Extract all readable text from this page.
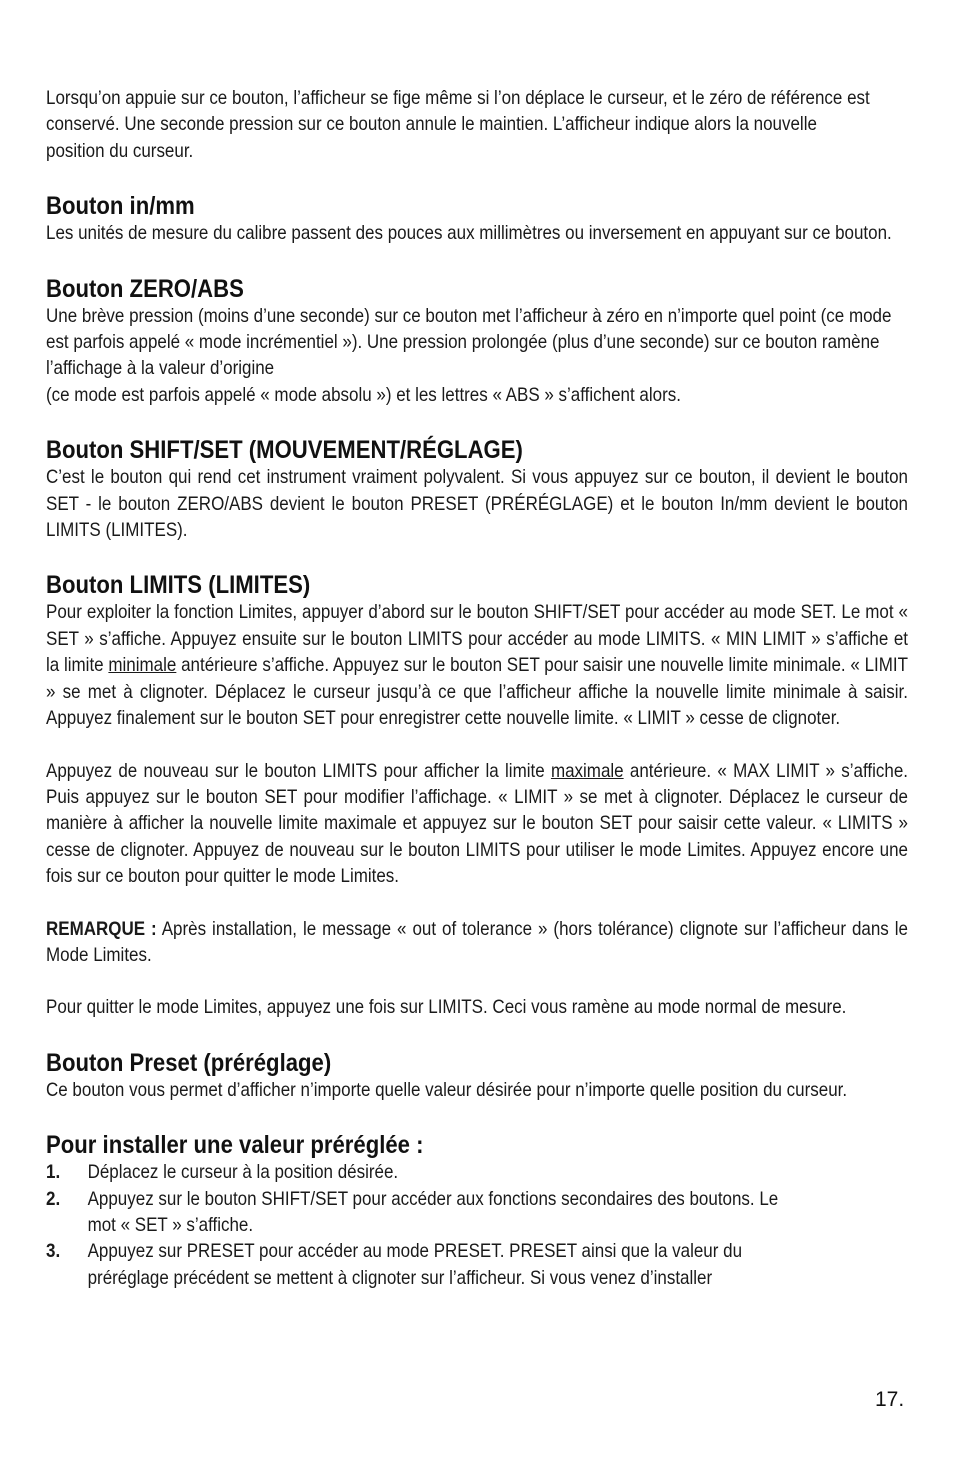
Lorsqu’on appuie sur ce bouton, l’afficheur se fige même si l’on déplace le curseur, et le zéro de référence est conservé. Une seconde pression sur ce bouton annule le maintien. L’afficheur indique alors la nouvelle position du curseur.

Bouton in/mm

Les unités de mesure du calibre passent des pouces aux millimètres ou inversement en appuyant sur ce bouton.

Bouton ZERO/ABS

Une brève pression (moins d’une seconde) sur ce bouton met l’afficheur à zéro en n’importe quel point (ce mode est parfois appelé « mode incrémentiel »). Une pression prolongée (plus d’une seconde) sur ce bouton ramène l’affichage à la valeur d’origine

(ce mode est parfois appelé « mode absolu ») et les lettres « ABS » s’affichent alors.

Bouton SHIFT/SET (MOUVEMENT/RÉGLAGE)

C’est le bouton qui rend cet instrument vraiment polyvalent. Si vous appuyez sur ce bouton, il devient le bouton SET - le bouton ZERO/ABS devient le bouton PRESET (PRÉRÉGLAGE) et le bouton In/mm devient le bouton LIMITS (LIMITES).

Bouton LIMITS (LIMITES)

Pour exploiter la fonction Limites, appuyer d’abord sur le bouton SHIFT/SET pour accéder au mode SET. Le mot « SET » s’affiche. Appuyez ensuite sur le bouton LIMITS pour accéder au mode LIMITS. « MIN LIMIT » s’affiche et la limite minimale antérieure s’affiche. Appuyez sur le bouton SET pour saisir une nouvelle limite minimale. « LIMIT » se met à clignoter. Déplacez le curseur jusqu’à ce que l’afficheur affiche la nouvelle limite minimale à saisir. Appuyez finalement sur le bouton SET pour enregistrer cette nouvelle limite. « LIMIT » cesse de clignoter.

Appuyez de nouveau sur le bouton LIMITS pour afficher la limite maximale antérieure. « MAX LIMIT » s’affiche. Puis appuyez sur le bouton SET pour modifier l’affichage. « LIMIT » se met à clignoter. Déplacez le curseur de manière à afficher la nouvelle limite maximale et appuyez sur le bouton SET pour saisir cette valeur. « LIMITS » cesse de clignoter. Appuyez de nouveau sur le bouton LIMITS pour utiliser le mode Limites. Appuyez encore une fois sur ce bouton pour quitter le mode Limites.

REMARQUE : Après installation, le message « out of tolerance » (hors tolérance) clignote sur l’afficheur dans le Mode Limites.

Pour quitter le mode Limites, appuyez une fois sur LIMITS. Ceci vous ramène au mode normal de mesure.

Bouton Preset (préréglage)

Ce bouton vous permet d’afficher n’importe quelle valeur désirée pour n’importe quelle position du curseur.

Pour installer une valeur préréglée :
1.	Déplacez le curseur à la position désirée.
2.	Appuyez sur le bouton SHIFT/SET pour accéder aux fonctions secondaires des boutons. Le mot « SET » s’affiche.
3.	Appuyez sur PRESET pour accéder au mode PRESET. PRESET ainsi que la valeur du préréglage précédent se mettent à clignoter sur l’afficheur. Si vous venez d’installer
17.
